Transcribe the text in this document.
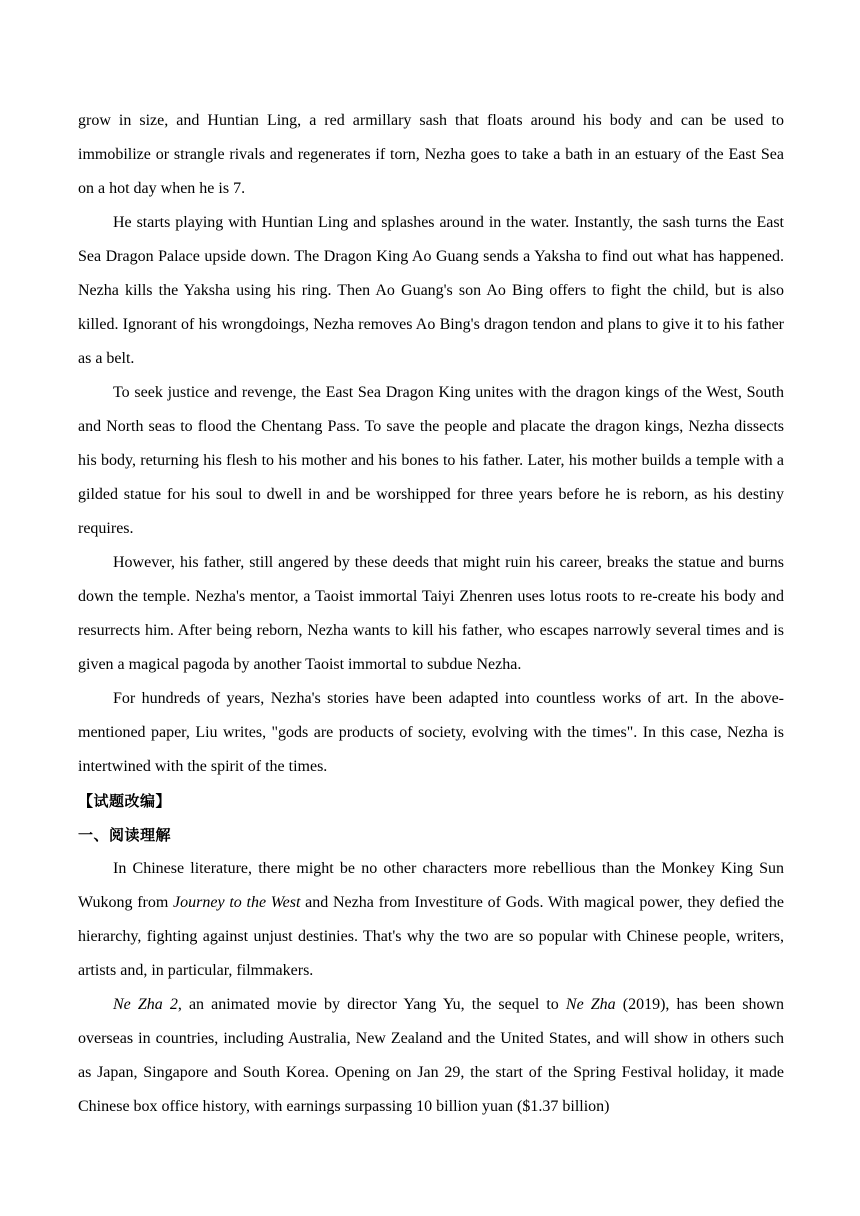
grow in size, and Huntian Ling, a red armillary sash that floats around his body and can be used to immobilize or strangle rivals and regenerates if torn, Nezha goes to take a bath in an estuary of the East Sea on a hot day when he is 7.

He starts playing with Huntian Ling and splashes around in the water. Instantly, the sash turns the East Sea Dragon Palace upside down. The Dragon King Ao Guang sends a Yaksha to find out what has happened. Nezha kills the Yaksha using his ring. Then Ao Guang's son Ao Bing offers to fight the child, but is also killed. Ignorant of his wrongdoings, Nezha removes Ao Bing's dragon tendon and plans to give it to his father as a belt.

To seek justice and revenge, the East Sea Dragon King unites with the dragon kings of the West, South and North seas to flood the Chentang Pass. To save the people and placate the dragon kings, Nezha dissects his body, returning his flesh to his mother and his bones to his father. Later, his mother builds a temple with a gilded statue for his soul to dwell in and be worshipped for three years before he is reborn, as his destiny requires.

However, his father, still angered by these deeds that might ruin his career, breaks the statue and burns down the temple. Nezha's mentor, a Taoist immortal Taiyi Zhenren uses lotus roots to re-create his body and resurrects him. After being reborn, Nezha wants to kill his father, who escapes narrowly several times and is given a magical pagoda by another Taoist immortal to subdue Nezha.

For hundreds of years, Nezha's stories have been adapted into countless works of art. In the above-mentioned paper, Liu writes, "gods are products of society, evolving with the times". In this case, Nezha is intertwined with the spirit of the times.

【试题改编】

一、阅读理解

In Chinese literature, there might be no other characters more rebellious than the Monkey King Sun Wukong from Journey to the West and Nezha from Investiture of Gods. With magical power, they defied the hierarchy, fighting against unjust destinies. That's why the two are so popular with Chinese people, writers, artists and, in particular, filmmakers.

Ne Zha 2, an animated movie by director Yang Yu, the sequel to Ne Zha (2019), has been shown overseas in countries, including Australia, New Zealand and the United States, and will show in others such as Japan, Singapore and South Korea. Opening on Jan 29, the start of the Spring Festival holiday, it made Chinese box office history, with earnings surpassing 10 billion yuan ($1.37 billion)
